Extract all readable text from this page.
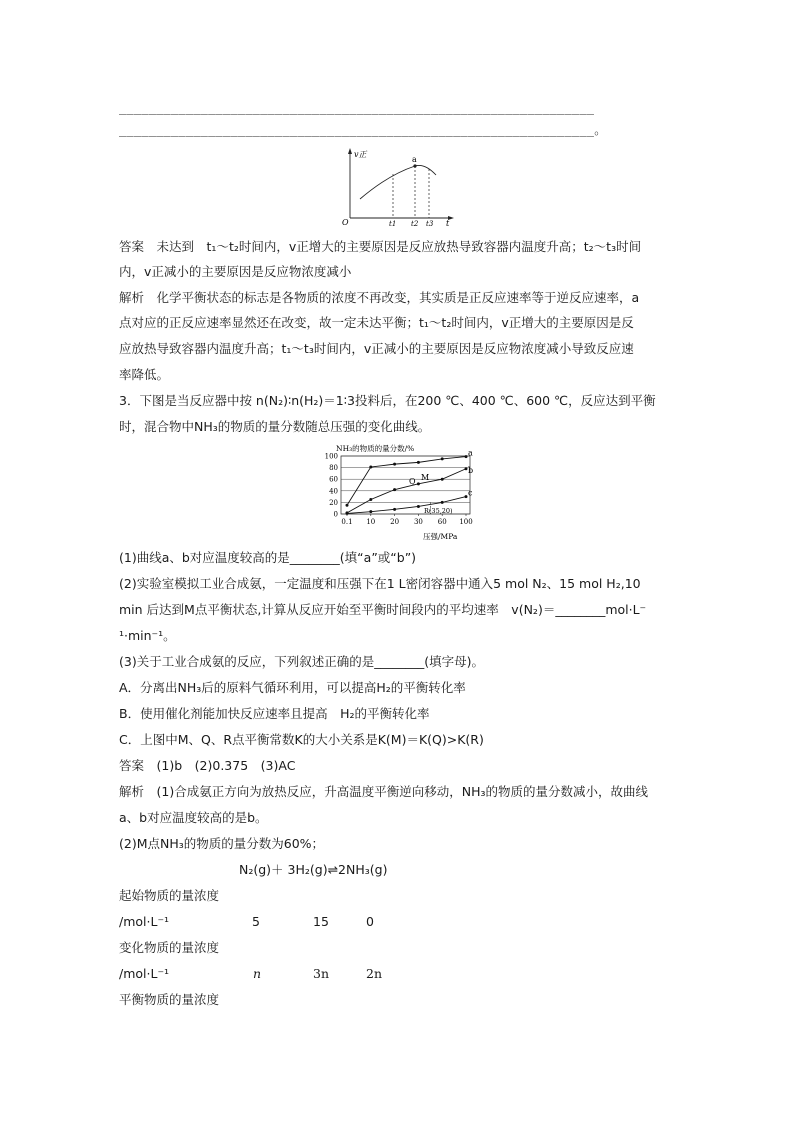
________________________________________________________________
________________________________________________________________。
v正
a
O	t1 t2 t3 t
答案　 未达到　t₁～t₂时间内，v正增大的主要原因是反应放热导致容器内温度升高；t₂～t₃时间
内，v正减小的主要原因是反应物浓度减小
解析　 化学平衡状态的标志是各物质的浓度不再改变，其实质是正反应速率等于逆反应速率，a
点对应的正反应速率显然还在改变，故一定未达平衡；t₁～t₂时间内，v正增大的主要原因是反
应放热导致容器内温度升高；t₁～t₃时间内，v正减小的主要原因是反应物浓度减小导致反应速
率降低。
3．下图是当反应器中按 n(N₂)∶n(H₂)＝1∶3投料后，在200 ℃、400 ℃、600 ℃，反应达到平衡
时，混合物中NH₃的物质的量分数随总压强的变化曲线。
0
20
40
60
80
100
0.1 10 20 30 60 100
a
b
c
NH₃的物质的量分数/%
压强/MPa
Q M
R(35,20)
(1)曲线a、b对应温度较高的是________(填“a”或“b”)
(2)实验室模拟工业合成氨，一定温度和压强下在1 L密闭容器中通入5 mol N₂、15 mol H₂,10
min 后达到M点平衡状态,计算从反应开始至平衡时间段内的平均速率　v(N₂)＝________mol·L⁻
¹·min⁻¹。
(3)关于工业合成氨的反应，下列叙述正确的是________(填字母)。
A．分离出NH₃后的原料气循环利用，可以提高H₂的平衡转化率
B．使用催化剂能加快反应速率且提高　H₂的平衡转化率
C．上图中M、Q、R点平衡常数K的大小关系是K(M)＝K(Q)>K(R)
答案　 (1)b　(2)0.375　(3)AC
解析　 (1)合成氨正方向为放热反应，升高温度平衡逆向移动，NH₃的物质的量分数减小，故曲线
a、b对应温度较高的是b。
(2)M点NH₃的物质的量分数为60%；
N₂(g)＋ 3H₂(g)⇌2NH₃(g)
起始物质的量浓度
/mol·L⁻¹	5	15	0
变化物质的量浓度
/mol·L⁻¹	n	3n	2n
平衡物质的量浓度
